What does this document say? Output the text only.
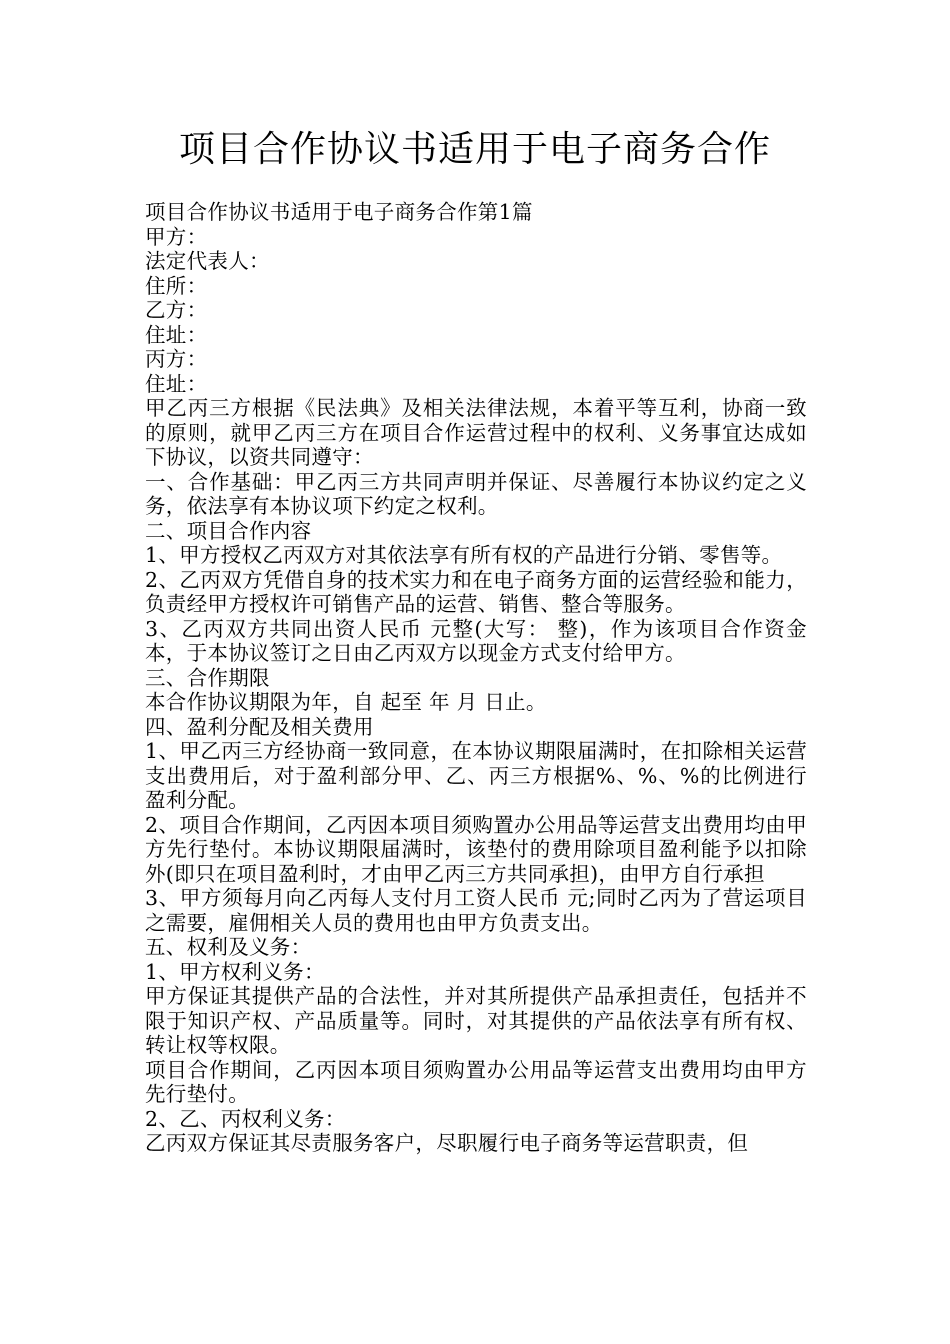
项目合作协议书适用于电子商务合作

项目合作协议书适用于电子商务合作第1篇

甲方：

法定代表人：

住所：

乙方：

住址：

丙方：

住址：

甲乙丙三方根据《民法典》及相关法律法规，本着平等互利，协商一致的原则，就甲乙丙三方在项目合作运营过程中的权利、义务事宜达成如下协议，以资共同遵守：

一、合作基础：甲乙丙三方共同声明并保证、尽善履行本协议约定之义务，依法享有本协议项下约定之权利。

二、项目合作内容

1、甲方授权乙丙双方对其依法享有所有权的产品进行分销、零售等。

2、乙丙双方凭借自身的技术实力和在电子商务方面的运营经验和能力，负责经甲方授权许可销售产品的运营、销售、整合等服务。

3、乙丙双方共同出资人民币 元整(大写： 整)，作为该项目合作资金本，于本协议签订之日由乙丙双方以现金方式支付给甲方。

三、合作期限

本合作协议期限为年，自 起至 年 月 日止。

四、盈利分配及相关费用

1、甲乙丙三方经协商一致同意，在本协议期限届满时，在扣除相关运营支出费用后，对于盈利部分甲、乙、丙三方根据%、%、%的比例进行盈利分配。

2、项目合作期间，乙丙因本项目须购置办公用品等运营支出费用均由甲方先行垫付。本协议期限届满时，该垫付的费用除项目盈利能予以扣除外(即只在项目盈利时，才由甲乙丙三方共同承担)，由甲方自行承担

3、甲方须每月向乙丙每人支付月工资人民币 元;同时乙丙为了营运项目之需要，雇佣相关人员的费用也由甲方负责支出。

五、权利及义务：

1、甲方权利义务：

甲方保证其提供产品的合法性，并对其所提供产品承担责任，包括并不限于知识产权、产品质量等。同时，对其提供的产品依法享有所有权、转让权等权限。

项目合作期间，乙丙因本项目须购置办公用品等运营支出费用均由甲方先行垫付。

2、乙、丙权利义务：

乙丙双方保证其尽责服务客户，尽职履行电子商务等运营职责，但
